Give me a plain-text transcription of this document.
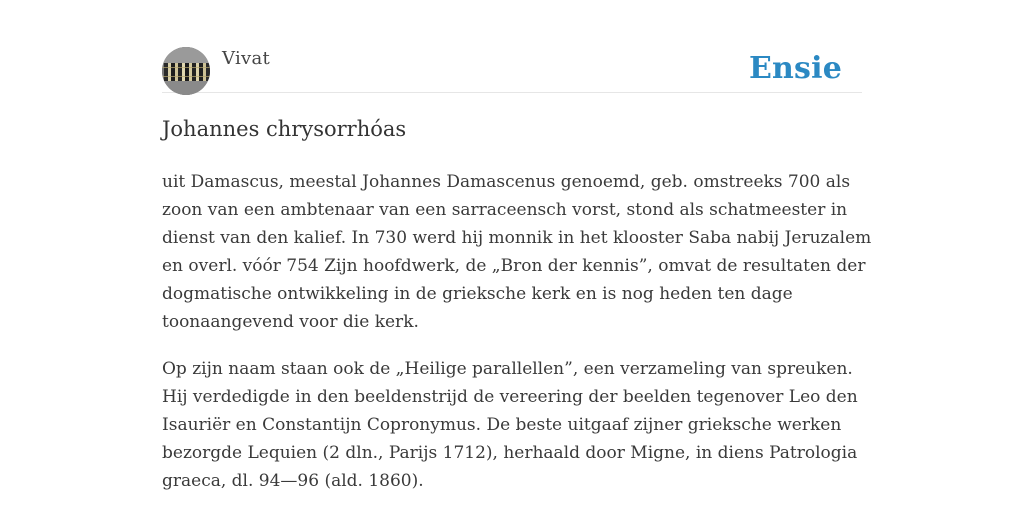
Vivat	Ensie
Johannes chrysorrhóas

uit Damascus, meestal Johannes Damascenus genoemd, geb. omstreeks 700 als
zoon van een ambtenaar van een sarraceensch vorst, stond als schatmeester in
dienst van den kalief. In 730 werd hij monnik in het klooster Saba nabij Jeruzalem
en overl. vóór 754 Zijn hoofdwerk, de „Bron der kennis”, omvat de resultaten der
dogmatische ontwikkeling in de grieksche kerk en is nog heden ten dage
toonaangevend voor die kerk.

Op zijn naam staan ook de „Heilige parallellen”, een verzameling van spreuken.
Hij verdedigde in den beeldenstrijd de vereering der beelden tegenover Leo den
Isauriër en Constantijn Copronymus. De beste uitgaaf zijner grieksche werken
bezorgde Lequien (2 dln., Parijs 1712), herhaald door Migne, in diens Patrologia
graeca, dl. 94—96 (ald. 1860).
